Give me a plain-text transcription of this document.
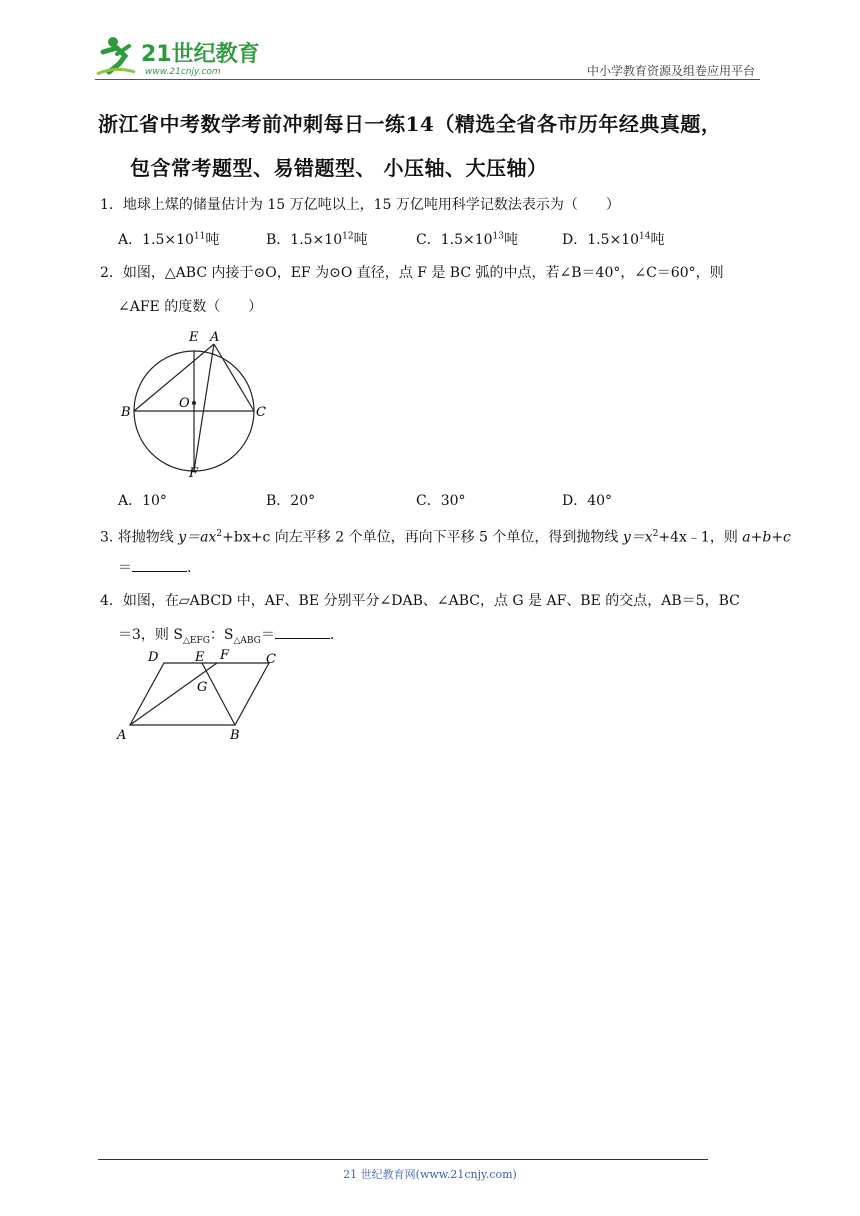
21世纪教育
www.21cnjy.com	中小学教育资源及组卷应用平台
浙江省中考数学考前冲刺每日一练14（精选全省各市历年经典真题，
包含常考题型、易错题型、 小压轴、大压轴）
1．地球上煤的储量估计为 15 万亿吨以上，15 万亿吨用科学记数法表示为（　　）
A．$1.5\times 10^{11}$吨	B．$1.5\times 10^{12}$吨	C．$1.5\times 10^{13}$吨	D．$1.5\times 10^{14}$吨
2．如图，△ABC 内接于⊙O，EF 为⊙O 直径，点 F 是 BC 弧的中点，若∠B＝40°，∠C＝60°，则
∠AFE 的度数（　　）
E A
B	C
O
F
A．10°	B．20°	C．30°	D．40°
3. 将抛物线 $y=ax^2+bx+c$ 向左平移 2 个单位，再向下平移 5 个单位，得到抛物线 $y=x^2+4x﹣1$，则 a+b+c
＝	.
4．如图，在▱ABCD 中，AF、BE 分别平分∠DAB、∠ABC，点 G 是 AF、BE 的交点，AB＝5，BC
＝3，则 $S_{\triangle EFG}$：$S_{\triangle ABG}=$	.
D	E F	C
G
A	B
21 世纪教育网(www.21cnjy.com)
